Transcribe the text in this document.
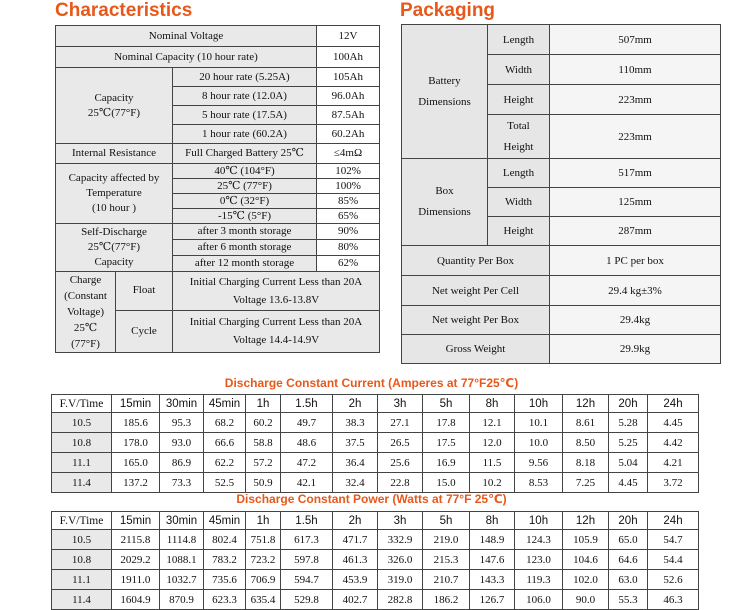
Characteristics
Nominal Voltage			12V
Nominal Capacity (10 hour rate)			100Ah
Capacity
25℃(77°F)		20 hour rate (5.25A)	105Ah
		8 hour rate (12.0A)	96.0Ah
		5 hour rate (17.5A)	87.5Ah
		1 hour rate (60.2A)	60.2Ah
Internal Resistance		Full Charged Battery 25℃	≤4mΩ
Capacity affected by
Temperature
(10 hour )		40℃ (104°F)	102%
		25℃ (77°F)	100%
		0℃ (32°F)	85%
		-15℃ (5°F)	65%
Self-Discharge
25℃(77°F)
Capacity		after 3 month storage	90%
		after 6 month storage	80%
		after 12 month storage	62%
Charge
(Constant
Voltage)
25℃
(77°F)	Float	Initial Charging Current Less than 20A
Voltage 13.6-13.8V	
	Cycle	Initial Charging Current Less than 20A
Voltage 14.4-14.9V	
Packaging
Battery
Dimensions	Length	507mm
	Width	110mm
	Height	223mm
	Total
Height	223mm
Box
Dimensions	Length	517mm
	Width	125mm
	Height	287mm
Quantity Per Box		1 PC per box
Net weight Per Cell		29.4 kg±3%
Net weight Per Box		29.4kg
Gross Weight		29.9kg
Discharge Constant Current (Amperes at 77°F25℃)
F.V/Time	15min	30min	45min	1h	1.5h	2h	3h	5h	8h	10h	12h	20h	24h
10.5	185.6	95.3	68.2	60.2	49.7	38.3	27.1	17.8	12.1	10.1	8.61	5.28	4.45
10.8	178.0	93.0	66.6	58.8	48.6	37.5	26.5	17.5	12.0	10.0	8.50	5.25	4.42
11.1	165.0	86.9	62.2	57.2	47.2	36.4	25.6	16.9	11.5	9.56	8.18	5.04	4.21
11.4	137.2	73.3	52.5	50.9	42.1	32.4	22.8	15.0	10.2	8.53	7.25	4.45	3.72
Discharge Constant Power (Watts at 77°F 25℃)
F.V/Time	15min	30min	45min	1h	1.5h	2h	3h	5h	8h	10h	12h	20h	24h
10.5	2115.8	1114.8	802.4	751.8	617.3	471.7	332.9	219.0	148.9	124.3	105.9	65.0	54.7
10.8	2029.2	1088.1	783.2	723.2	597.8	461.3	326.0	215.3	147.6	123.0	104.6	64.6	54.4
11.1	1911.0	1032.7	735.6	706.9	594.7	453.9	319.0	210.7	143.3	119.3	102.0	63.0	52.6
11.4	1604.9	870.9	623.3	635.4	529.8	402.7	282.8	186.2	126.7	106.0	90.0	55.3	46.3
